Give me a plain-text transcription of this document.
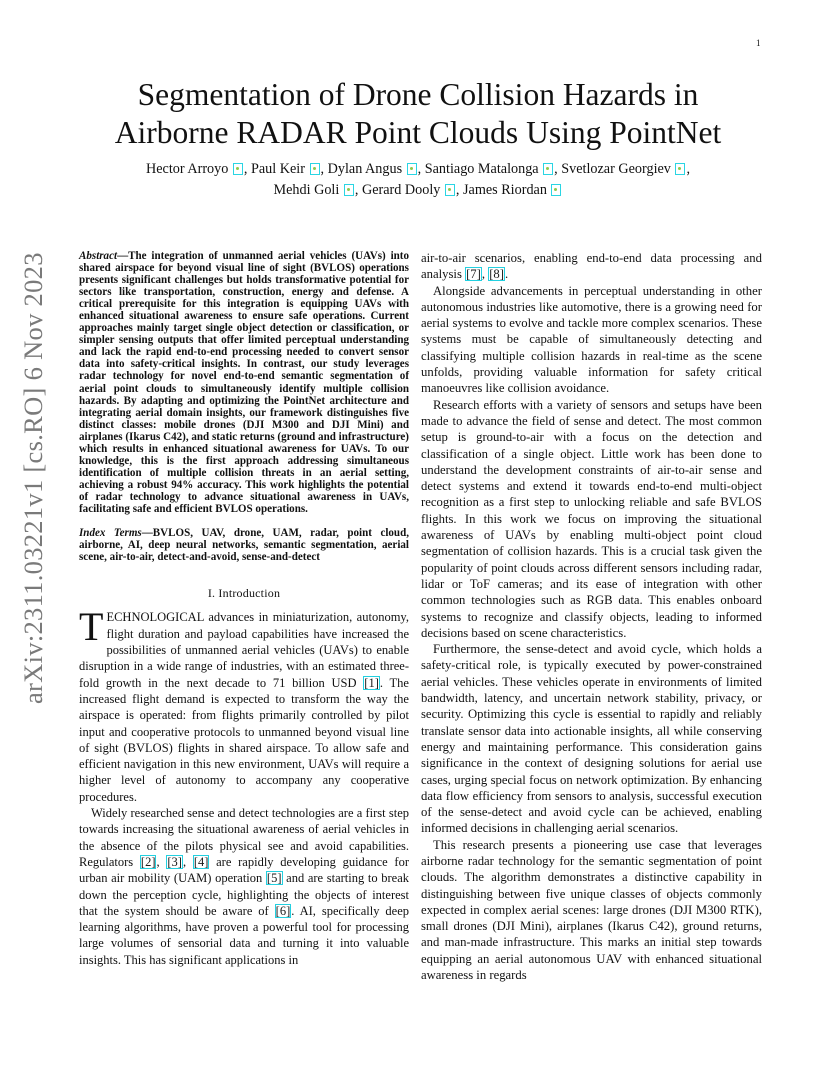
1
arXiv:2311.03221v1 [cs.RO] 6 Nov 2023
Segmentation of Drone Collision Hazards in
Airborne RADAR Point Clouds Using PointNet
Hector Arroyo , Paul Keir , Dylan Angus , Santiago Matalonga , Svetlozar Georgiev ,
Mehdi Goli , Gerard Dooly , James Riordan

Abstract—The integration of unmanned aerial vehicles (UAVs) into shared airspace for beyond visual line of sight (BVLOS) operations presents significant challenges but holds transformative potential for sectors like transportation, construction, energy and defense. A critical prerequisite for this integration is equipping UAVs with enhanced situational awareness to ensure safe operations. Current approaches mainly target single object detection or classification, or simpler sensing outputs that offer limited perceptual understanding and lack the rapid end-to-end processing needed to convert sensor data into safety-critical insights. In contrast, our study leverages radar technology for novel end-to-end semantic segmentation of aerial point clouds to simultaneously identify multiple collision hazards. By adapting and optimizing the PointNet architecture and integrating aerial domain insights, our framework distinguishes five distinct classes: mobile drones (DJI M300 and DJI Mini) and airplanes (Ikarus C42), and static returns (ground and infrastructure) which results in enhanced situational awareness for UAVs. To our knowledge, this is the first approach addressing simultaneous identification of multiple collision threats in an aerial setting, achieving a robust 94% accuracy. This work highlights the potential of radar technology to advance situational awareness in UAVs, facilitating safe and efficient BVLOS operations.

Index Terms—BVLOS, UAV, drone, UAM, radar, point cloud, airborne, AI, deep neural networks, semantic segmentation, aerial scene, air-to-air, detect-and-avoid, sense-and-detect

I. Introduction

TECHNOLOGICAL advances in miniaturization, autonomy, flight duration and payload capabilities have increased the possibilities of unmanned aerial vehicles (UAVs) to enable disruption in a wide range of industries, with an estimated three-fold growth in the next decade to 71 billion USD [1]. The increased flight demand is expected to transform the way the airspace is operated: from flights primarily controlled by pilot input and cooperative protocols to unmanned beyond visual line of sight (BVLOS) flights in shared airspace. To allow safe and efficient navigation in this new environment, UAVs will require a higher level of autonomy to accompany any cooperative procedures.

Widely researched sense and detect technologies are a first step towards increasing the situational awareness of aerial vehicles in the absence of the pilots physical see and avoid capabilities. Regulators [2], [3], [4] are rapidly developing guidance for urban air mobility (UAM) operation [5] and are starting to break down the perception cycle, highlighting the objects of interest that the system should be aware of [6]. AI, specifically deep learning algorithms, have proven a powerful tool for processing large volumes of sensorial data and turning it into valuable insights. This has significant applications in

air-to-air scenarios, enabling end-to-end data processing and analysis [7], [8].

Alongside advancements in perceptual understanding in other autonomous industries like automotive, there is a growing need for aerial systems to evolve and tackle more complex scenarios. These systems must be capable of simultaneously detecting and classifying multiple collision hazards in real-time as the scene unfolds, providing valuable information for safety critical manoeuvres like collision avoidance.

Research efforts with a variety of sensors and setups have been made to advance the field of sense and detect. The most common setup is ground-to-air with a focus on the detection and classification of a single object. Little work has been done to understand the development constraints of air-to-air sense and detect systems and extend it towards end-to-end multi-object recognition as a first step to unlocking reliable and safe BVLOS flights. In this work we focus on improving the situational awareness of UAVs by enabling multi-object point cloud segmentation of collision hazards. This is a crucial task given the popularity of point clouds across different sensors including radar, lidar or ToF cameras; and its ease of integration with other common technologies such as RGB data. This enables onboard systems to recognize and classify objects, leading to informed decisions based on scene characteristics.

Furthermore, the sense-detect and avoid cycle, which holds a safety-critical role, is typically executed by power-constrained aerial vehicles. These vehicles operate in environments of limited bandwidth, latency, and uncertain network stability, privacy, or security. Optimizing this cycle is essential to rapidly and reliably translate sensor data into actionable insights, all while conserving energy and maintaining performance. This consideration gains significance in the context of designing solutions for aerial use cases, urging special focus on network optimization. By enhancing data flow efficiency from sensors to analysis, successful execution of the sense-detect and avoid cycle can be achieved, enabling informed decisions in challenging aerial scenarios.

This research presents a pioneering use case that leverages airborne radar technology for the semantic segmentation of point clouds. The algorithm demonstrates a distinctive capability in distinguishing between five unique classes of objects commonly expected in complex aerial scenes: large drones (DJI M300 RTK), small drones (DJI Mini), airplanes (Ikarus C42), ground returns, and man-made infrastructure. This marks an initial step towards equipping an aerial autonomous UAV with enhanced situational awareness in regards
